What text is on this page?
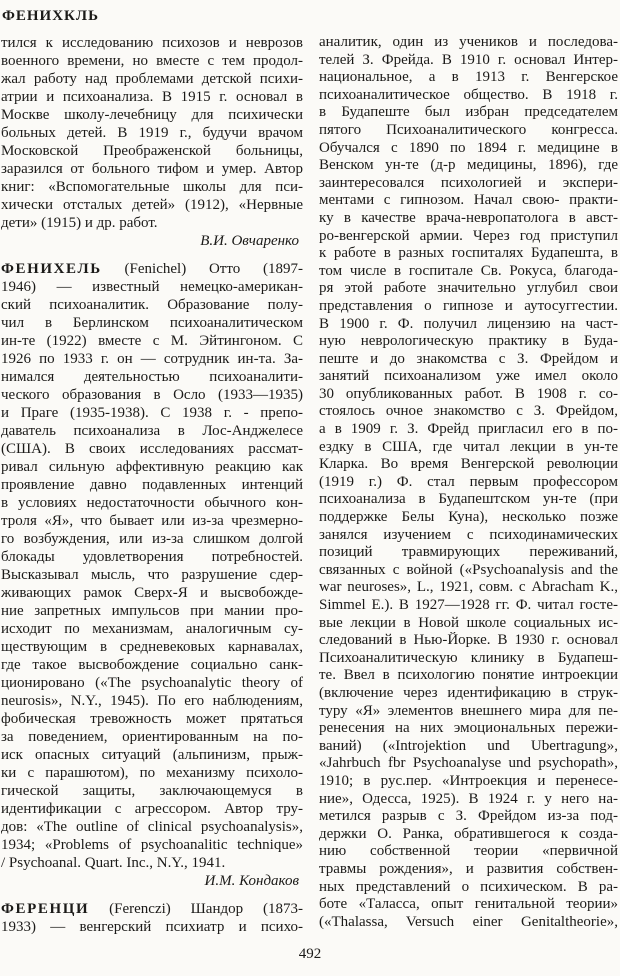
ФЕНИХКЛЬ
тился к исследованию психозов и неврозов
военного времени, но вместе с тем продол-
жал работу над проблемами детской психи-
атрии и психоанализа. В 1915 г. основал в
Москве школу-лечебницу для психически
больных детей. В 1919 г., будучи врачом
Московской Преображенской больницы,
заразился от больного тифом и умер. Автор
книг: «Вспомогательные школы для пси-
хически отсталых детей» (1912), «Нервные
дети» (1915) и др. работ.
В.И. Овчаренко
ФЕНИХЕЛЬ (Fenichel) Отто (1897-
1946) — известный немецко-американ-
ский психоаналитик. Образование полу-
чил в Берлинском психоаналитическом
ин-те (1922) вместе с М. Эйтингоном. С
1926 по 1933 г. он — сотрудник ин-та. За-
нимался деятельностью психоаналити-
ческого образования в Осло (1933—1935)
и Праге (1935-1938). С 1938 г. - препо-
даватель психоанализа в Лос-Анджелесе
(США). В своих исследованиях рассмат-
ривал сильную аффективную реакцию как
проявление давно подавленных интенций
в условиях недостаточности обычного кон-
троля «Я», что бывает или из-за чрезмерно-
го возбуждения, или из-за слишком долгой
блокады удовлетворения потребностей.
Высказывал мысль, что разрушение сдер-
живающих рамок Сверх-Я и высвобожде-
ние запретных импульсов при мании про-
исходит по механизмам, аналогичным су-
ществующим в средневековых карнавалах,
где такое высвобождение социально санк-
ционировано («The psychoanalytic theory of
neurosis», N.Y., 1945). По его наблюдениям,
фобическая тревожность может прятаться
за поведением, ориентированным на по-
иск опасных ситуаций (альпинизм, прыж-
ки с парашютом), по механизму психоло-
гической защиты, заключающемуся в
идентификации с агрессором. Автор тру-
дов: «The outline of clinical psychoanalysis»,
1934; «Problems of psychoanalitic technique»
/ Psychoanal. Quart. Inc., N.Y., 1941.
И.М. Кондаков
ФЕРЕНЦИ (Ferenczi) Шандор (1873-
1933) — венгерский психиатр и психо-
аналитик, один из учеников и последова-
телей З. Фрейда. В 1910 г. основал Интер-
национальное, а в 1913 г. Венгерское
психоаналитическое общество. В 1918 г.
в Будапеште был избран председателем
пятого Психоаналитического конгресса.
Обучался с 1890 по 1894 г. медицине в
Венском ун-те (д-р медицины, 1896), где
заинтересовался психологией и экспери-
ментами с гипнозом. Начал свою- практи-
ку в качестве врача-невропатолога в авст-
ро-венгерской армии. Через год приступил
к работе в разных госпиталях Будапешта, в
том числе в госпитале Св. Рокуса, благода-
ря этой работе значительно углубил свои
представления о гипнозе и аутосуггестии.
В 1900 г. Ф. получил лицензию на част-
ную неврологическую практику в Буда-
пеште и до знакомства с З. Фрейдом и
занятий психоанализом уже имел около
30 опубликованных работ. В 1908 г. со-
стоялось очное знакомство с З. Фрейдом,
а в 1909 г. З. Фрейд пригласил его в по-
ездку в США, где читал лекции в ун-те
Кларка. Во время Венгерской революции
(1919 г.) Ф. стал первым профессором
психоанализа в Будапештском ун-те (при
поддержке Белы Куна), несколько позже
занялся изучением с психодинамических
позиций травмирующих переживаний,
связанных с войной («Psychoanalysis and the
war neuroses», L., 1921, совм. с Abracham K.,
Simmel E.). В 1927—1928 гг. Ф. читал госте-
вые лекции в Новой школе социальных ис-
следований в Нью-Йорке. В 1930 г. основал
Психоаналитическую клинику в Будапеш-
те. Ввел в психологию понятие интроекции
(включение через идентификацию в струк-
туру «Я» элементов внешнего мира для пе-
ренесения на них эмоциональных пережи-
ваний) («Introjektion und Ubertragung»,
«Jahrbuch fbr Psychoanalyse und psychopath»,
1910; в рус.пер. «Интроекция и перенесе-
ние», Одесса, 1925). В 1924 г. у него на-
метился разрыв с З. Фрейдом из-за под-
держки О. Ранка, обратившегося к созда-
нию собственной теории «первичной
травмы рождения», и развития собствен-
ных представлений о психическом. В ра-
боте «Таласса, опыт генитальной теории»
(«Thalassa, Versuch einer Genitaltheorie»,
492
